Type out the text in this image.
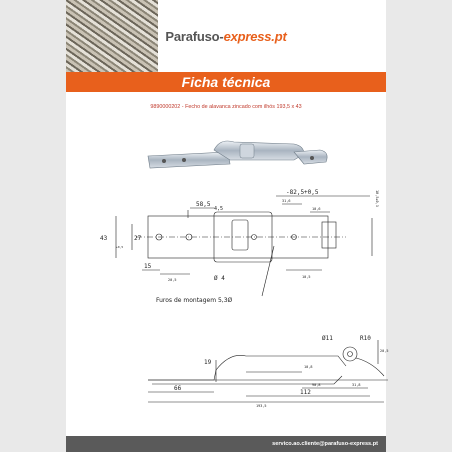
Parafuso-express.pt
Ficha técnica
9890000202 - Fecho de alavanca zincado com ilhós 193,5 x 43
-82,5+0,5
58,5
4,5
31,6
10,6
10,5+0,3
43
+0,5
27
15
20,5	Ø 4	10,5
Furos de montagem 5,3Ø
Ø11	R10
19
20,5
10,8
66	90,8	31,8
112
193,5
servico.ao.cliente@parafuso-express.pt
